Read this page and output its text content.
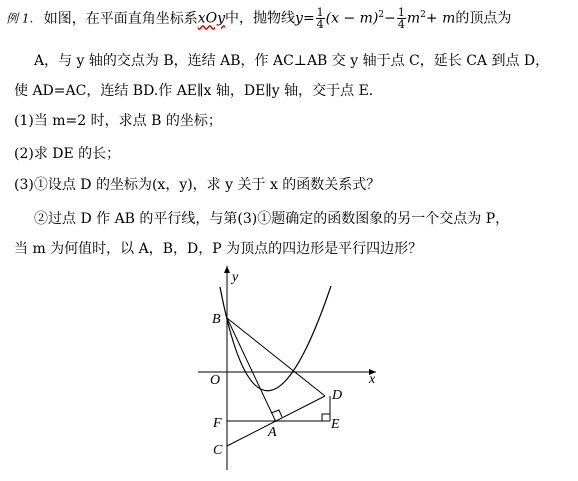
例 1. 如图，在平面直角坐标系xOy中，抛物线$y= \frac{1}{4} (x - m)^2- \frac{1}{4} m^2+ m$的顶点为
A，与 y 轴的交点为 B，连结 AB，作 AC⊥AB 交 y 轴于点 C，延长 CA 到点 D，
使 AD=AC，连结 BD.作 AE∥x 轴，DE∥y 轴，交于点 E.
(1)当 m=2 时，求点 B 的坐标；
(2)求 DE 的长；
(3)①设点 D 的坐标为(x，y)，求 y 关于 x 的函数关系式？
②过点 D 作 AB 的平行线，与第(3)①题确定的函数图象的另一个交点为 P，
当 m 为何值时，以 A，B，D，P 为顶点的四边形是平行四边形？
y
x
O
B
D
F
A
E
C
